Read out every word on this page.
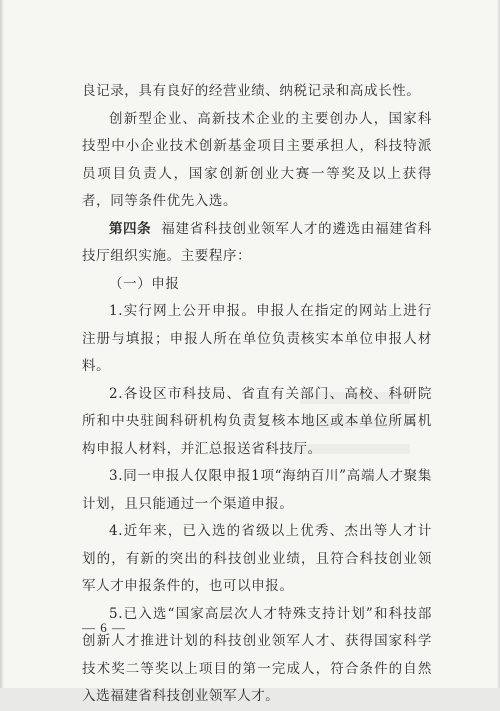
良记录，具有良好的经营业绩、纳税记录和高成长性。

创新型企业、高新技术企业的主要创办人，国家科技型中小企业技术创新基金项目主要承担人，科技特派员项目负责人，国家创新创业大赛一等奖及以上获得者，同等条件优先入选。

第四条 福建省科技创业领军人才的遴选由福建省科技厅组织实施。主要程序：

（一）申报

1.实行网上公开申报。申报人在指定的网站上进行注册与填报；申报人所在单位负责核实本单位申报人材料。

2.各设区市科技局、省直有关部门、高校、科研院所和中央驻闽科研机构负责复核本地区或本单位所属机构申报人材料，并汇总报送省科技厅。

3.同一申报人仅限申报1项“海纳百川”高端人才聚集计划，且只能通过一个渠道申报。

4.近年来，已入选的省级以上优秀、杰出等人才计划的，有新的突出的科技创业业绩，且符合科技创业领军人才申报条件的，也可以申报。

5.已入选“国家高层次人才特殊支持计划”和科技部创新人才推进计划的科技创业领军人才、获得国家科学技术奖二等奖以上项目的第一完成人，符合条件的自然入选福建省科技创业领军人才。

— 6 —
